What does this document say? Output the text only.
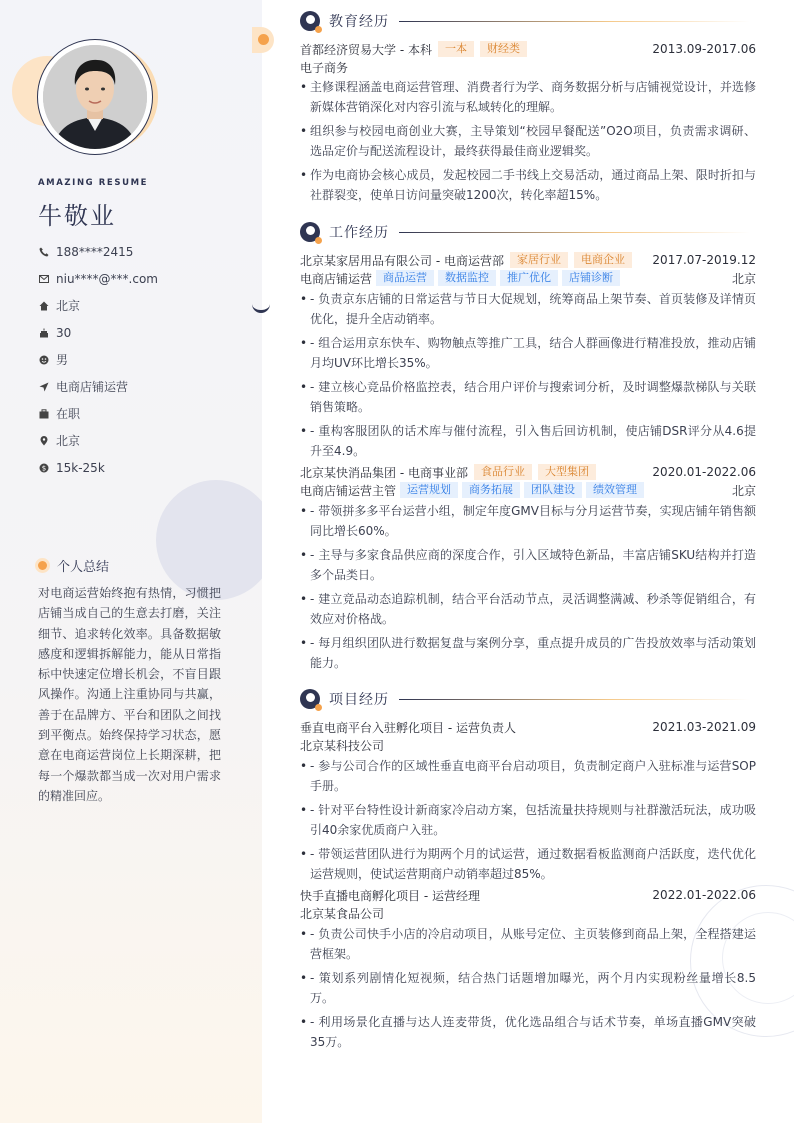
AMAZING RESUME
牛敬业
188****2415
niu****@***.com
北京
30
男
电商店铺运营
在职
北京
$ 15k-25k
个人总结
对电商运营始终抱有热情，习惯把店铺当成自己的生意去打磨，关注细节、追求转化效率。具备数据敏感度和逻辑拆解能力，能从日常指标中快速定位增长机会，不盲目跟风操作。沟通上注重协同与共赢，善于在品牌方、平台和团队之间找到平衡点。始终保持学习状态，愿意在电商运营岗位上长期深耕，把每一个爆款都当成一次对用户需求的精准回应。
教育经历
首都经济贸易大学 - 本科	一本	财经类	2013.09-2017.06
电子商务
• 主修课程涵盖电商运营管理、消费者行为学、商务数据分析与店铺视觉设计，并选修新媒体营销深化对内容引流与私域转化的理解。
• 组织参与校园电商创业大赛，主导策划“校园早餐配送”O2O项目，负责需求调研、选品定价与配送流程设计，最终获得最佳商业逻辑奖。
• 作为电商协会核心成员，发起校园二手书线上交易活动，通过商品上架、限时折扣与社群裂变，使单日访问量突破1200次，转化率超15%。
工作经历
北京某家居用品有限公司 - 电商运营部	家居行业	电商企业	2017.07-2019.12
电商店铺运营	商品运营	数据监控	推广优化	店铺诊断	北京
• - 负责京东店铺的日常运营与节日大促规划，统筹商品上架节奏、首页装修及详情页优化，提升全店动销率。
• - 组合运用京东快车、购物触点等推广工具，结合人群画像进行精准投放，推动店铺月均UV环比增长35%。
• - 建立核心竞品价格监控表，结合用户评价与搜索词分析，及时调整爆款梯队与关联销售策略。
• - 重构客服团队的话术库与催付流程，引入售后回访机制，使店铺DSR评分从4.6提升至4.9。
北京某快消品集团 - 电商事业部	食品行业	大型集团	2020.01-2022.06
电商店铺运营主管	运营规划	商务拓展	团队建设	绩效管理	北京
• - 带领拼多多平台运营小组，制定年度GMV目标与分月运营节奏，实现店铺年销售额同比增长60%。
• - 主导与多家食品供应商的深度合作，引入区域特色新品，丰富店铺SKU结构并打造多个品类日。
• - 建立竞品动态追踪机制，结合平台活动节点，灵活调整满减、秒杀等促销组合，有效应对价格战。
• - 每月组织团队进行数据复盘与案例分享，重点提升成员的广告投放效率与活动策划能力。
项目经历
垂直电商平台入驻孵化项目 - 运营负责人	2021.03-2021.09
北京某科技公司
• - 参与公司合作的区域性垂直电商平台启动项目，负责制定商户入驻标准与运营SOP手册。
• - 针对平台特性设计新商家冷启动方案，包括流量扶持规则与社群激活玩法，成功吸引40余家优质商户入驻。
• - 带领运营团队进行为期两个月的试运营，通过数据看板监测商户活跃度，迭代优化运营规则，使试运营期商户动销率超过85%。
快手直播电商孵化项目 - 运营经理	2022.01-2022.06
北京某食品公司
• - 负责公司快手小店的冷启动项目，从账号定位、主页装修到商品上架，全程搭建运营框架。
• - 策划系列剧情化短视频，结合热门话题增加曝光，两个月内实现粉丝量增长8.5万。
• - 利用场景化直播与达人连麦带货，优化选品组合与话术节奏，单场直播GMV突破35万。
